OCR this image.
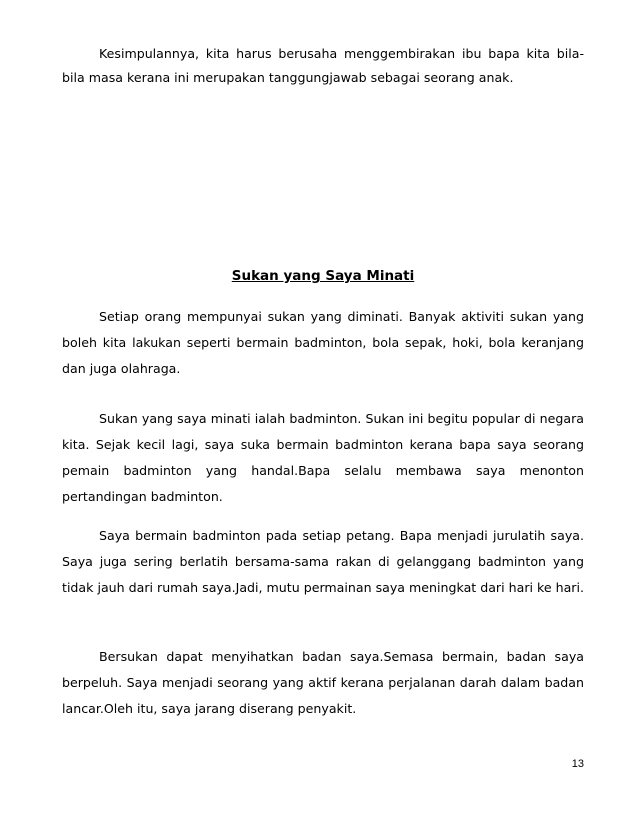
Kesimpulannya, kita harus berusaha menggembirakan ibu bapa kita bila-bila masa kerana ini merupakan tanggungjawab sebagai seorang anak.

Sukan yang Saya Minati

Setiap orang mempunyai sukan yang diminati. Banyak aktiviti sukan yang boleh kita lakukan seperti bermain badminton, bola sepak, hoki, bola keranjang dan juga olahraga.

Sukan yang saya minati ialah badminton. Sukan ini begitu popular di negara kita. Sejak kecil lagi, saya suka bermain badminton kerana bapa saya seorang pemain badminton yang handal.Bapa selalu membawa saya menonton pertandingan badminton.

Saya bermain badminton pada setiap petang. Bapa menjadi jurulatih saya. Saya juga sering berlatih bersama-sama rakan di gelanggang badminton yang tidak jauh dari rumah saya.Jadi, mutu permainan saya meningkat dari hari ke hari.

Bersukan dapat menyihatkan badan saya.Semasa bermain, badan saya berpeluh. Saya menjadi seorang yang aktif kerana perjalanan darah dalam badan lancar.Oleh itu, saya jarang diserang penyakit.

13
